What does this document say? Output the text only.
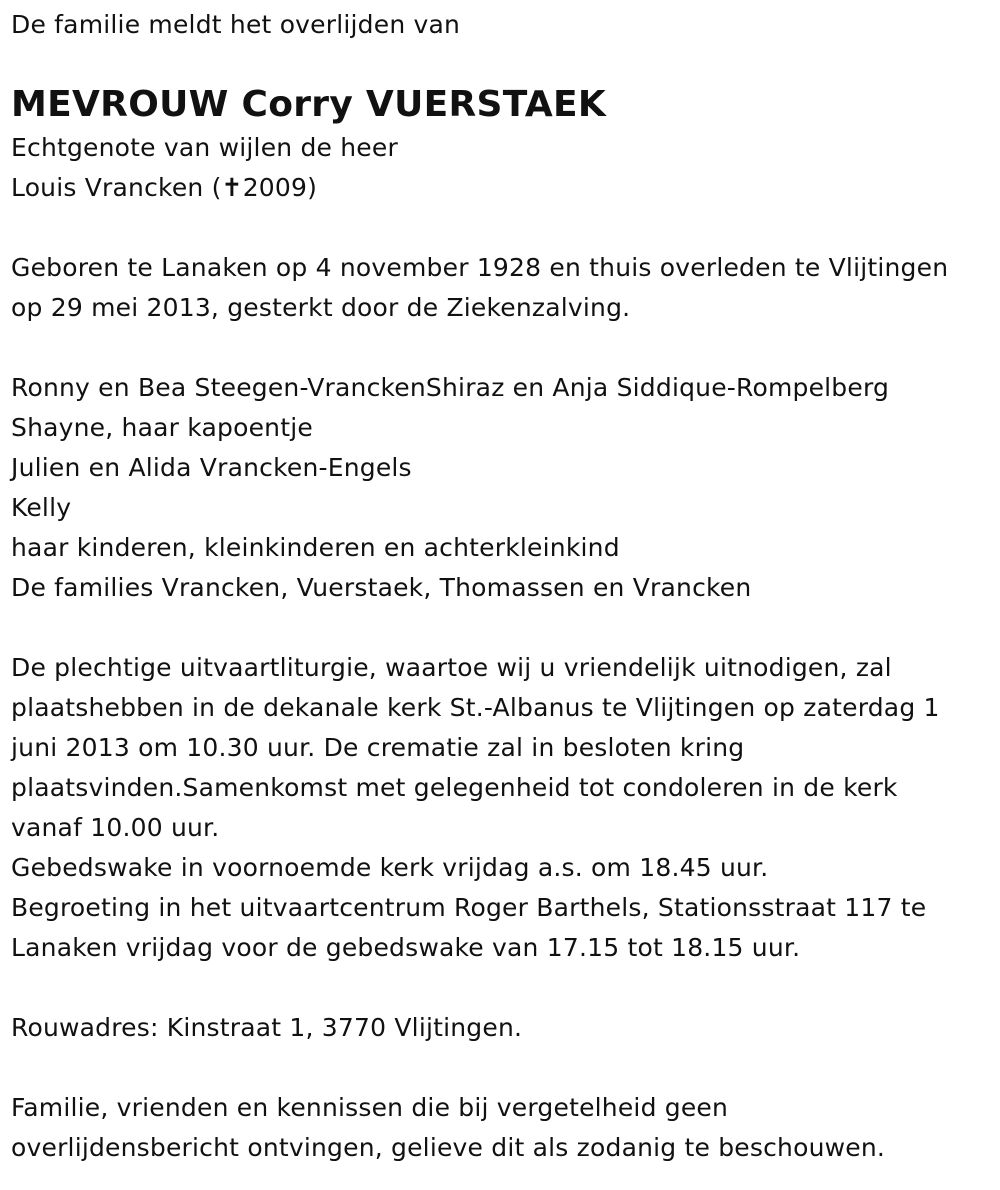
De familie meldt het overlijden van
MEVROUW Corry VUERSTAEK
Echtgenote van wijlen de heer
Louis Vrancken (✝2009)
Geboren te Lanaken op 4 november 1928 en thuis overleden te Vlijtingen
op 29 mei 2013, gesterkt door de Ziekenzalving.
Ronny en Bea Steegen-VranckenShiraz en Anja Siddique-Rompelberg
Shayne, haar kapoentje
Julien en Alida Vrancken-Engels
Kelly
haar kinderen, kleinkinderen en achterkleinkind
De families Vrancken, Vuerstaek, Thomassen en Vrancken
De plechtige uitvaartliturgie, waartoe wij u vriendelijk uitnodigen, zal
plaatshebben in de dekanale kerk St.-Albanus te Vlijtingen op zaterdag 1
juni 2013 om 10.30 uur. De crematie zal in besloten kring
plaatsvinden.Samenkomst met gelegenheid tot condoleren in de kerk
vanaf 10.00 uur.
Gebedswake in voornoemde kerk vrijdag a.s. om 18.45 uur.
Begroeting in het uitvaartcentrum Roger Barthels, Stationsstraat 117 te
Lanaken vrijdag voor de gebedswake van 17.15 tot 18.15 uur.
Rouwadres: Kinstraat 1, 3770 Vlijtingen.
Familie, vrienden en kennissen die bij vergetelheid geen
overlijdensbericht ontvingen, gelieve dit als zodanig te beschouwen.
